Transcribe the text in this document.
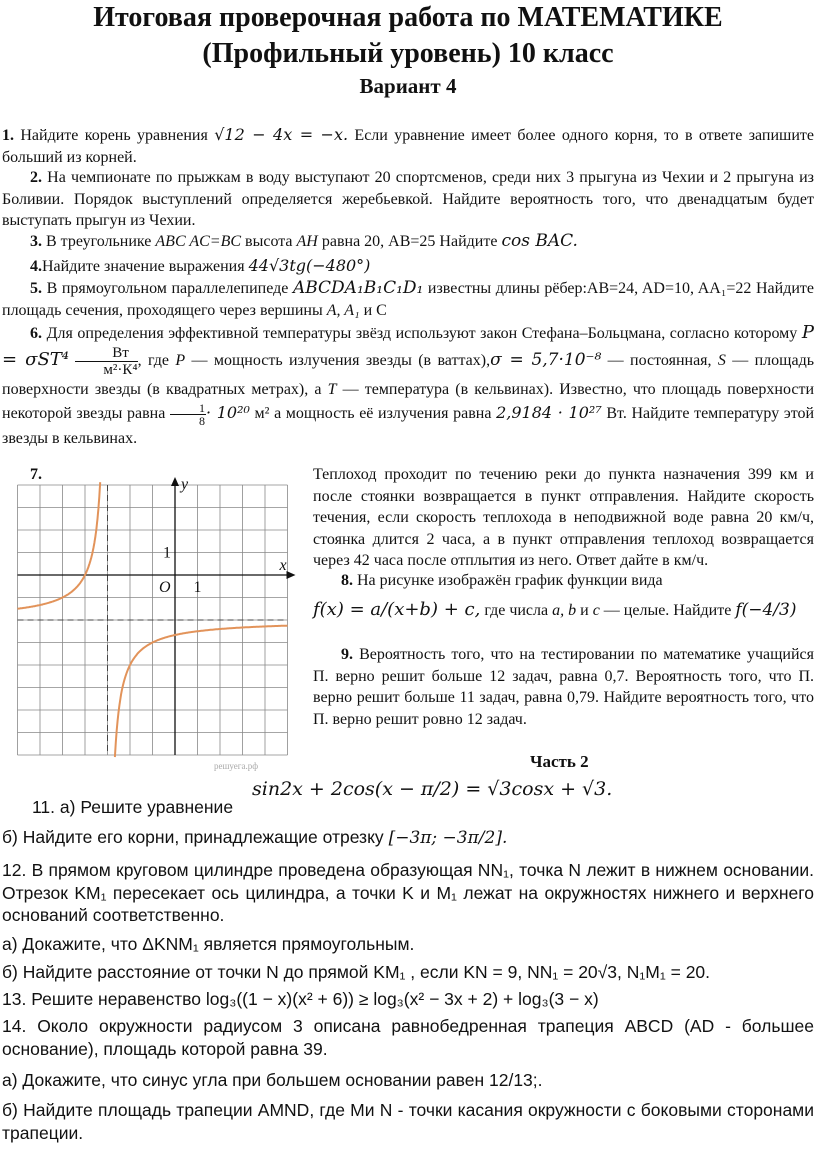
Итоговая проверочная работа по МАТЕМАТИКЕ
(Профильный уровень) 10 класс
Вариант 4
1. Найдите корень уравнения √12 − 4𝑥 = −𝑥. Если уравнение имеет более одного корня, то в ответе запишите больший из корней.
2. На чемпионате по прыжкам в воду выступают 20 спортсменов, среди них 3 прыгуна из Чехии и 2 прыгуна из Боливии. Порядок выступлений определяется жеребьевкой. Найдите вероятность того, что двенадцатым будет выступать прыгун из Чехии.
3. В треугольнике ABC AC=BC высота AH равна 20, AB=25 Найдите cos BAC.
4.Найдите значение выражения 44√3𝑡𝑔(−480°)
5. В прямоугольном параллелепипеде ABCDA₁B₁C₁D₁ известны длины рёбер:AB=24, AD=10, AA₁=22 Найдите площадь сечения, проходящего через вершины A, A₁ и С
6. Для определения эффективной температуры звёзд используют закон Стефана–Больцмана, согласно которому $P = \sigma ST^4 \frac{Вт}{\text{м²·К⁴}}$ , где P — мощность излучения звезды (в ваттах),σ = 5,7·10⁻⁸ — постоянная, S — площадь поверхности звезды (в квадратных метрах), а T — температура (в кельвинах). Известно, что площадь поверхности некоторой звезды равна $\frac{1}{8} \cdot 10^{20}$ м² а мощность её излучения равна 2,9184 · 10²⁷ Вт. Найдите температуру этой звезды в кельвинах.
7.	Теплоход проходит по течению реки до пункта назначения 399 км и после стоянки возвращается в пункт отправления. Найдите скорость течения, если скорость теплохода в неподвижной воде равна 20 км/ч, стоянка длится 2 часа, а в пункт отправления теплоход возвращается через 42 часа после отплытия из него. Ответ дайте в км/ч.
y
x
O 1
1
решуега.рф
8. На рисунке изображён график функции вида
f(x) = a/(x+b) + c, где числа a, b и c — целые. Найдите f(−4/3)
9. Вероятность того, что на тестировании по математике учащийся П. верно решит больше 12 задач, равна 0,7. Вероятность того, что П. верно решит больше 11 задач, равна 0,79. Найдите вероятность того, что П. верно решит ровно 12 задач.
Часть 2
11. а) Решите уравнение
sin2x + 2cos(x − π/2) = √3cosx + √3.
б) Найдите его корни, принадлежащие отрезку [−3π; −3π/2].
12. В прямом круговом цилиндре проведена образующая NN₁, точка N лежит в нижнем основании. Отрезок KM₁ пересекает ось цилиндра, а точки K и M₁ лежат на окружностях нижнего и верхнего оснований соответственно.
а) Докажите, что ΔKNM₁ является прямоугольным.
б) Найдите расстояние от точки N до прямой KM₁ , если KN = 9, NN₁ = 20√3, N₁M₁ = 20.
13. Решите неравенство log₃((1 − x)(x² + 6)) ≥ log₃(x² − 3x + 2) + log₃(3 − x)
14. Около окружности радиусом 3 описана равнобедренная трапеция ABCD (AD - большее основание), площадь которой равна 39.
а) Докажите, что синус угла при большем основании равен 12/13;.
б) Найдите площадь трапеции AMND, где Ми N - точки касания окружности с боковыми сторонами трапеции.
